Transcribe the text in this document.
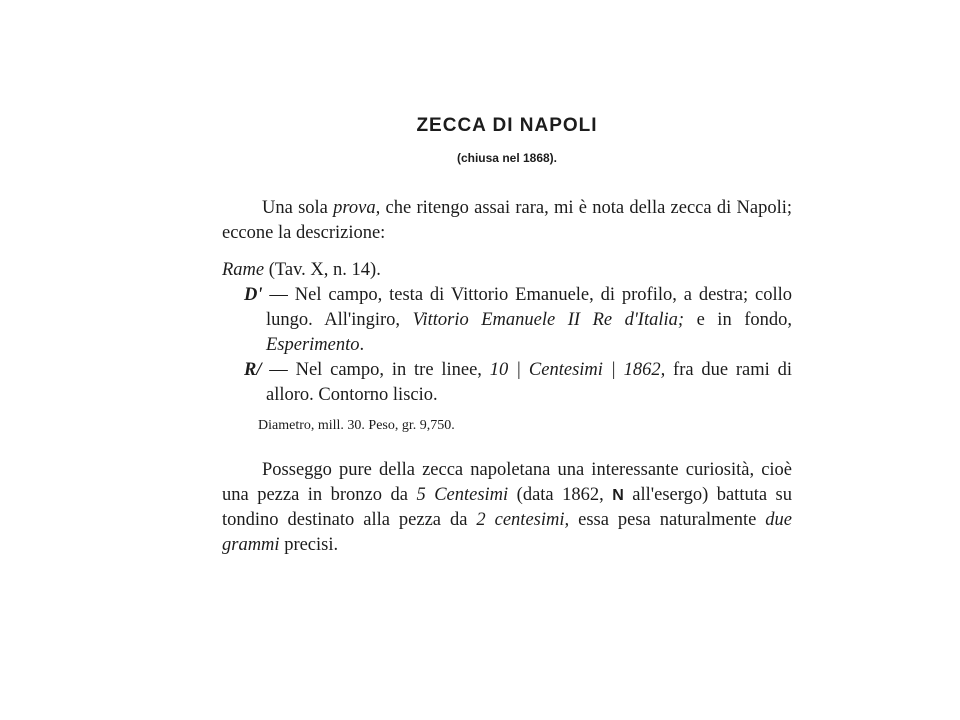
ZECCA DI NAPOLI
(chiusa nel 1868).

Una sola prova, che ritengo assai rara, mi è nota della zecca di Napoli; eccone la descrizione:

Rame (Tav. X, n. 14).
D' — Nel campo, testa di Vittorio Emanuele, di profilo, a destra; collo lungo. All'ingiro, Vittorio Emanuele II Re d'Italia; e in fondo, Esperimento.
R/ — Nel campo, in tre linee, 10 | Centesimi | 1862, fra due rami di alloro. Contorno liscio.
Diametro, mill. 30. Peso, gr. 9,750.

Posseggo pure della zecca napoletana una interessante curiosità, cioè una pezza in bronzo da 5 Centesimi (data 1862, N all'esergo) battuta su tondino destinato alla pezza da 2 centesimi, essa pesa naturalmente due grammi precisi.
